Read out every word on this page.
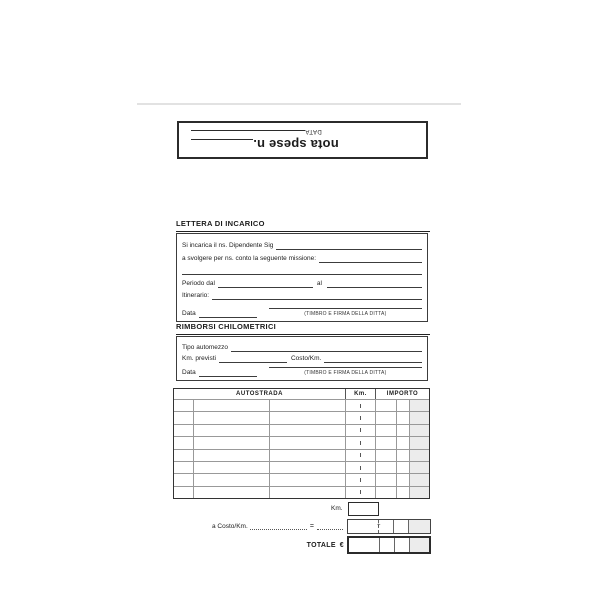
nota spese n.
DATA
LETTERA DI INCARICO
Si incarica il ns. Dipendente Sig
a svolgere per ns. conto la seguente missione:
Periodo dal	al
Itinerario:
Data	(TIMBRO E FIRMA DELLA DITTA)
RIMBORSI CHILOMETRICI
Tipo automezzo
Km. previsti	Costo/Km.
Data	(TIMBRO E FIRMA DELLA DITTA)
AUTOSTRADA	Km.	IMPORTO
Km.
a Costo/Km.	=	+
TOTALE €
